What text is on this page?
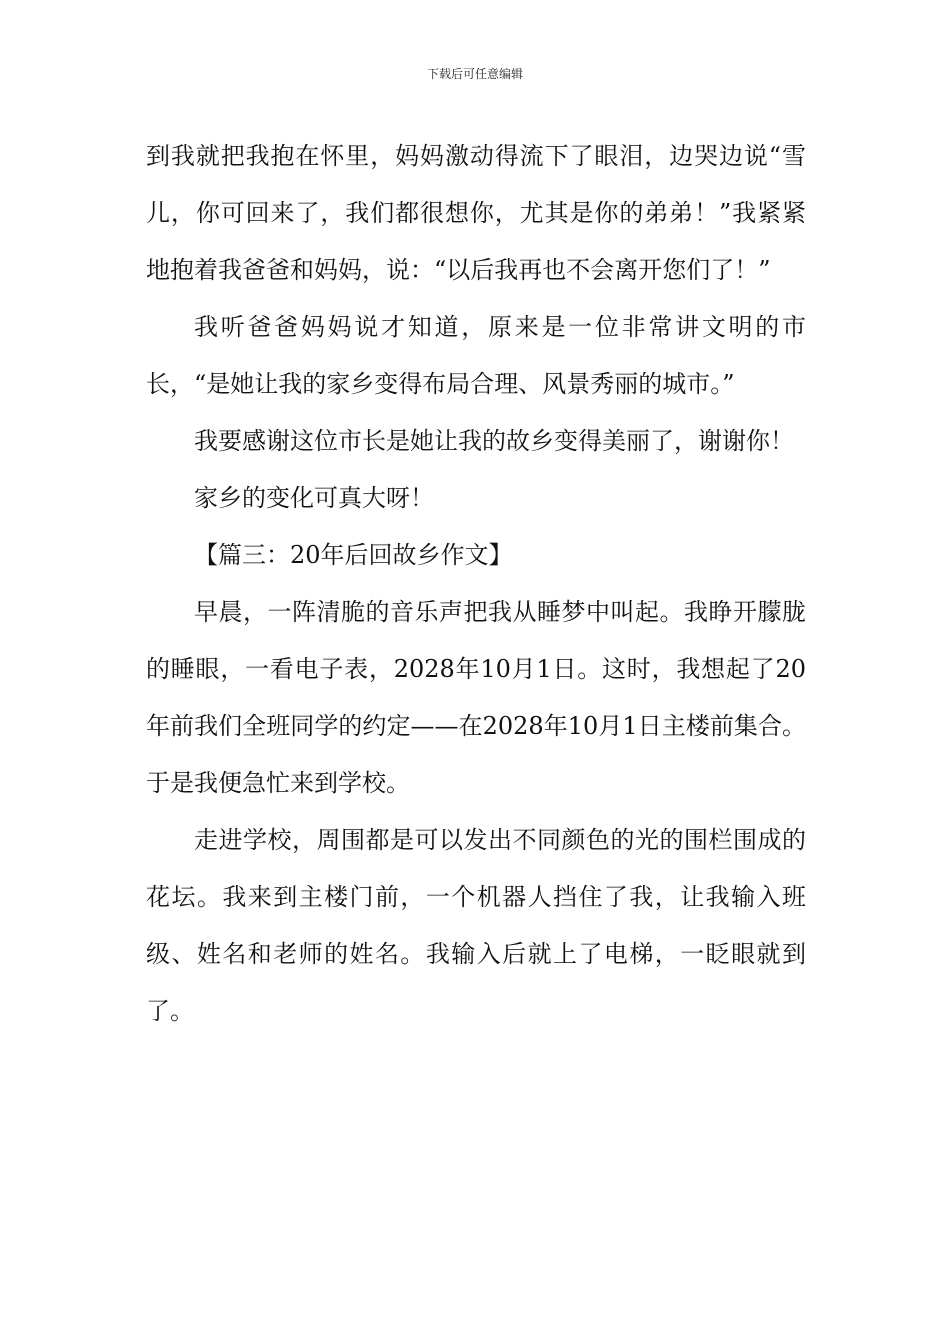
下载后可任意编辑

到我就把我抱在怀里，妈妈激动得流下了眼泪，边哭边说“雪儿，你可回来了，我们都很想你，尤其是你的弟弟！”我紧紧地抱着我爸爸和妈妈，说：“以后我再也不会离开您们了！”

我听爸爸妈妈说才知道，原来是一位非常讲文明的市长，“是她让我的家乡变得布局合理、风景秀丽的城市。”

我要感谢这位市长是她让我的故乡变得美丽了，谢谢你！

家乡的变化可真大呀！

【篇三：20年后回故乡作文】

早晨，一阵清脆的音乐声把我从睡梦中叫起。我睁开朦胧的睡眼，一看电子表，2028年10月1日。这时，我想起了20年前我们全班同学的约定——在2028年10月1日主楼前集合。于是我便急忙来到学校。

走进学校，周围都是可以发出不同颜色的光的围栏围成的花坛。我来到主楼门前，一个机器人挡住了我，让我输入班级、姓名和老师的姓名。我输入后就上了电梯，一眨眼就到了。
